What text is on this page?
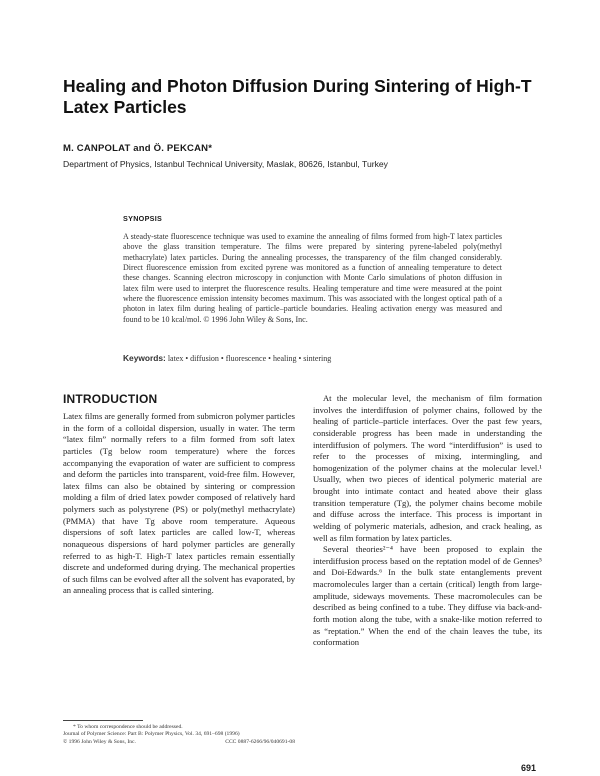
Healing and Photon Diffusion During Sintering of High-T Latex Particles
M. CANPOLAT and Ö. PEKCAN*
Department of Physics, Istanbul Technical University, Maslak, 80626, Istanbul, Turkey
SYNOPSIS

A steady-state fluorescence technique was used to examine the annealing of films formed from high-T latex particles above the glass transition temperature. The films were prepared by sintering pyrene-labeled poly(methyl methacrylate) latex particles. During the annealing processes, the transparency of the film changed considerably. Direct fluorescence emission from excited pyrene was monitored as a function of annealing temperature to detect these changes. Scanning electron microscopy in conjunction with Monte Carlo simulations of photon diffusion in latex film were used to interpret the fluorescence results. Healing temperature and time were measured at the point where the fluorescence emission intensity becomes maximum. This was associated with the longest optical path of a photon in latex film during healing of particle–particle boundaries. Healing activation energy was measured and found to be 10 kcal/mol. © 1996 John Wiley & Sons, Inc.

Keywords: latex • diffusion • fluorescence • healing • sintering
INTRODUCTION

Latex films are generally formed from submicron polymer particles in the form of a colloidal dispersion, usually in water. The term “latex film” normally refers to a film formed from soft latex particles (Tg below room temperature) where the forces accompanying the evaporation of water are sufficient to compress and deform the particles into transparent, void-free film. However, latex films can also be obtained by sintering or compression molding a film of dried latex powder composed of relatively hard polymers such as polystyrene (PS) or poly(methyl methacrylate) (PMMA) that have Tg above room temperature. Aqueous dispersions of soft latex particles are called low-T, whereas nonaqueous dispersions of hard polymer particles are generally referred to as high-T. High-T latex particles remain essentially discrete and undeformed during drying. The mechanical properties of such films can be evolved after all the solvent has evaporated, by an annealing process that is called sintering.

At the molecular level, the mechanism of film formation involves the interdiffusion of polymer chains, followed by the healing of particle–particle interfaces. Over the past few years, considerable progress has been made in understanding the interdiffusion of polymers. The word “interdiffusion” is used to refer to the processes of mixing, intermingling, and homogenization of the polymer chains at the molecular level.¹ Usually, when two pieces of identical polymeric material are brought into intimate contact and heated above their glass transition temperature (Tg), the polymer chains become mobile and diffuse across the interface. This process is important in welding of polymeric materials, adhesion, and crack healing, as well as film formation by latex particles.

Several theories²⁻⁴ have been proposed to explain the interdiffusion process based on the reptation model of de Gennes⁵ and Doi-Edwards.⁶ In the bulk state entanglements prevent macromolecules larger than a certain (critical) length from large-amplitude, sideways movements. These macromolecules can be described as being confined to a tube. They diffuse via back-and-forth motion along the tube, with a snake-like motion referred to as “reptation.” When the end of the chain leaves the tube, its conformation

* To whom correspondence should be addressed.
Journal of Polymer Science: Part B: Polymer Physics, Vol. 34, 691–698 (1996)
© 1996 John Wiley & Sons, Inc.	CCC 0887-6266/96/040691-08
691
